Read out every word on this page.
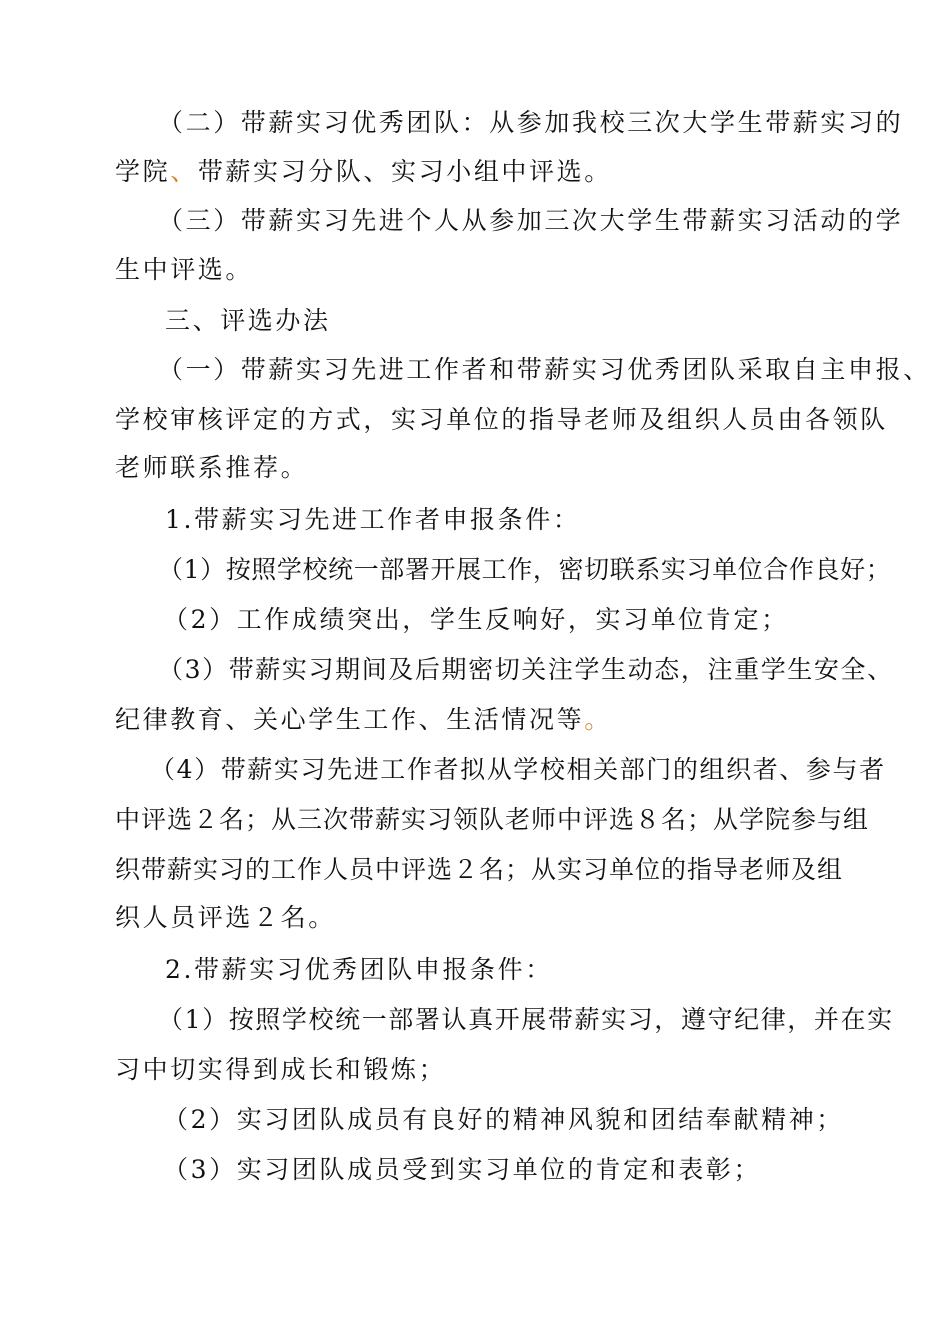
（二）带薪实习优秀团队：从参加我校三次大学生带薪实习的
学院、带薪实习分队、实习小组中评选。
（三）带薪实习先进个人从参加三次大学生带薪实习活动的学
生中评选。
三、评选办法
（一）带薪实习先进工作者和带薪实习优秀团队采取自主申报、
学校审核评定的方式，实习单位的指导老师及组织人员由各领队
老师联系推荐。
1.带薪实习先进工作者申报条件：
（1）按照学校统一部署开展工作，密切联系实习单位合作良好；
（2）工作成绩突出，学生反响好，实习单位肯定；
（3）带薪实习期间及后期密切关注学生动态，注重学生安全、
纪律教育、关心学生工作、生活情况等。
（4）带薪实习先进工作者拟从学校相关部门的组织者、参与者
中评选２名；从三次带薪实习领队老师中评选８名；从学院参与组
织带薪实习的工作人员中评选２名；从实习单位的指导老师及组
织人员评选２名。
2.带薪实习优秀团队申报条件：
（1）按照学校统一部署认真开展带薪实习，遵守纪律，并在实
习中切实得到成长和锻炼；
（2）实习团队成员有良好的精神风貌和团结奉献精神；
（3）实习团队成员受到实习单位的肯定和表彰；
